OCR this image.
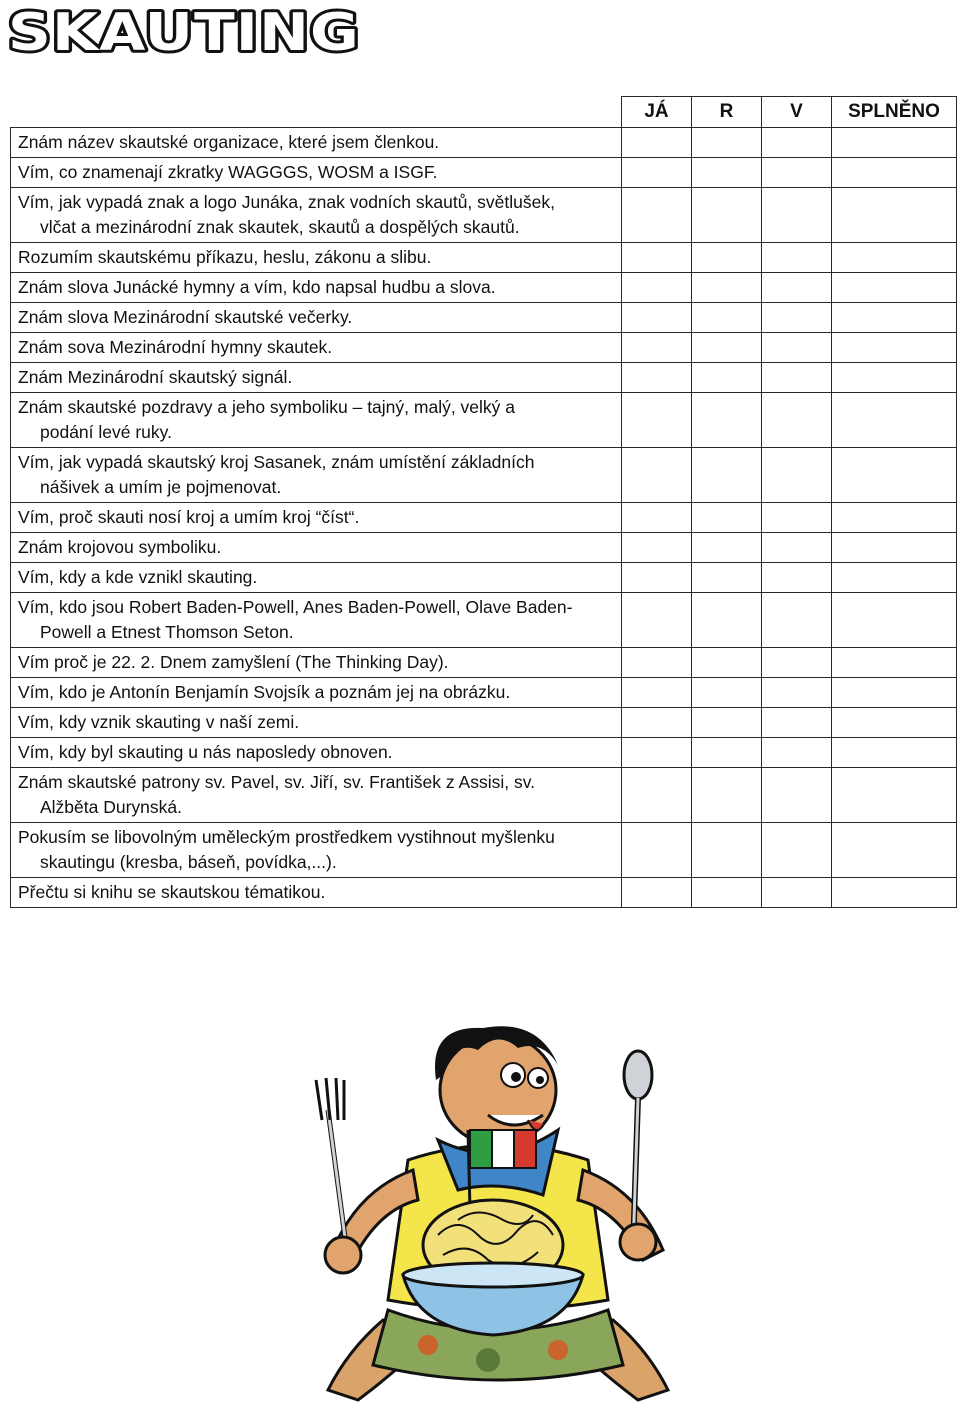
SKAUTING
	JÁ	R	V	SPLNĚNO
Znám název skautské organizace, které jsem členkou.				
Vím, co znamenají zkratky WAGGGS, WOSM a ISGF.				
Vím, jak vypadá znak a logo Junáka, znak vodních skautů, světlušek,
vlčat a mezinárodní znak skautek, skautů a dospělých skautů.				

Rozumím skautskému příkazu, heslu, zákonu a slibu.				
Znám slova Junácké hymny a vím, kdo napsal hudbu a slova.				
Znám slova Mezinárodní skautské večerky.				
Znám sova Mezinárodní hymny skautek.				
Znám Mezinárodní skautský signál.				
Znám skautské pozdravy a jeho symboliku – tajný, malý, velký a
podání levé ruky.				

Vím, jak vypadá skautský kroj Sasanek, znám umístění základních
nášivek a umím je pojmenovat.				

Vím, proč skauti nosí kroj a umím kroj “číst“.				
Znám krojovou symboliku.				
Vím, kdy a kde vznikl skauting.				
Vím, kdo jsou Robert Baden-Powell, Anes Baden-Powell, Olave Baden-
Powell a Etnest Thomson Seton.				

Vím proč je 22. 2. Dnem zamyšlení (The Thinking Day).				
Vím, kdo je Antonín Benjamín Svojsík a poznám jej na obrázku.				
Vím, kdy vznik skauting v naší zemi.				
Vím, kdy byl skauting u nás naposledy obnoven.				
Znám skautské patrony sv. Pavel, sv. Jiří, sv. František z Assisi, sv.
Alžběta Durynská.				

Pokusím se libovolným uměleckým prostředkem vystihnout myšlenku
skautingu (kresba, báseň, povídka,...).				

Přečtu si knihu se skautskou tématikou.				
